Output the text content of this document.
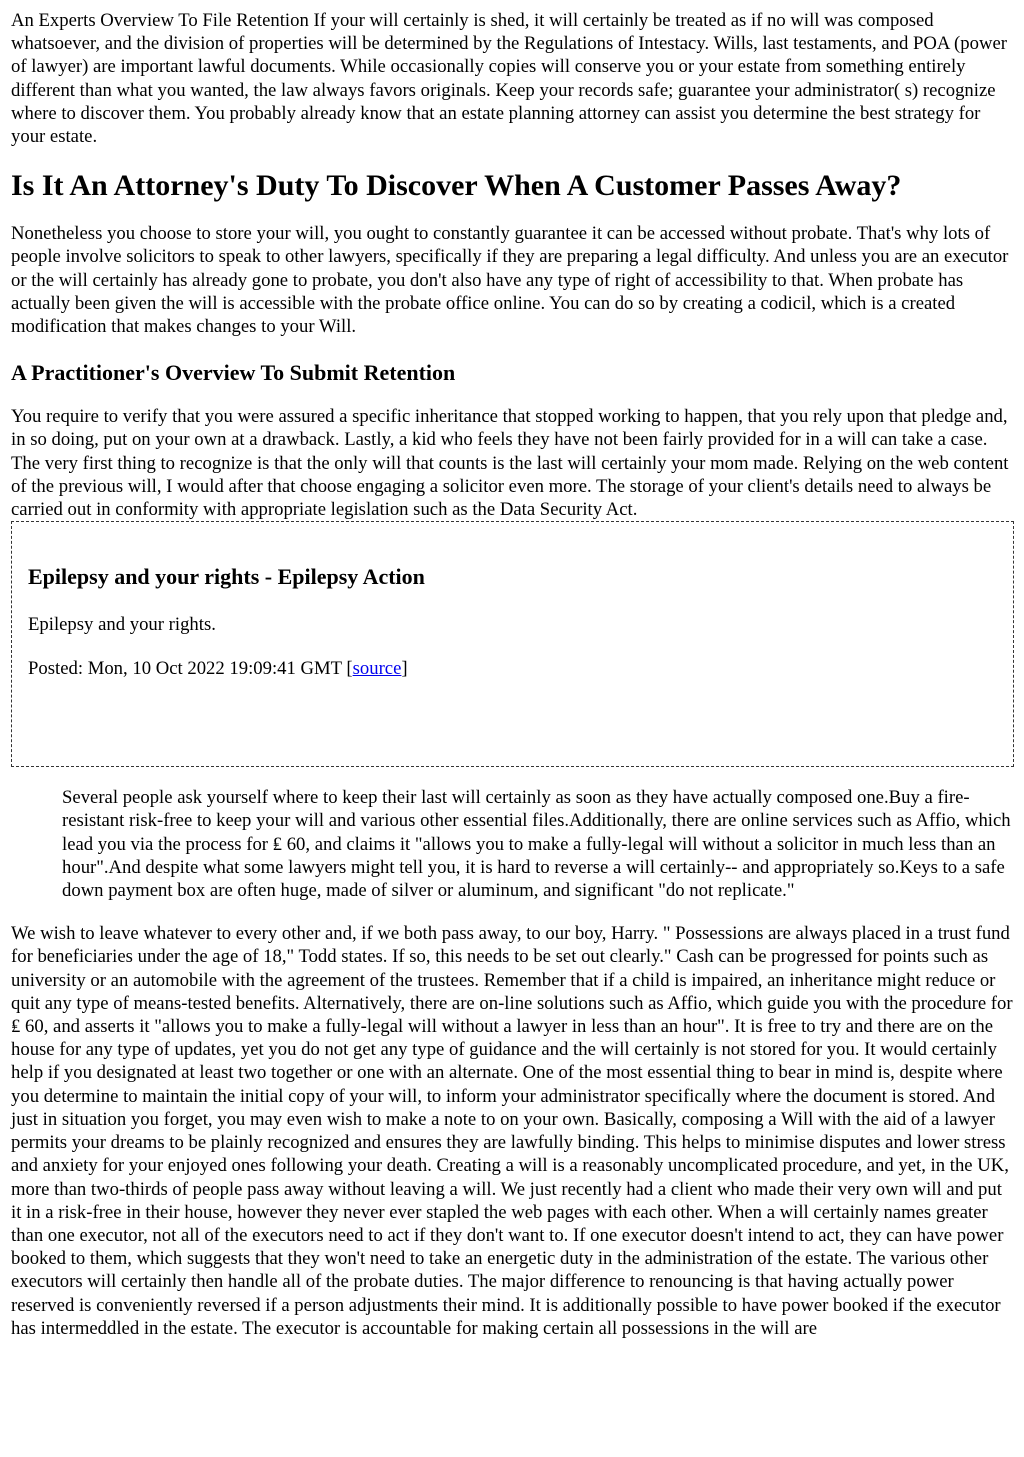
An Experts Overview To File Retention If your will certainly is shed, it will certainly be treated as if no will was composed whatsoever, and the division of properties will be determined by the Regulations of Intestacy. Wills, last testaments, and POA (power of lawyer) are important lawful documents. While occasionally copies will conserve you or your estate from something entirely different than what you wanted, the law always favors originals. Keep your records safe; guarantee your administrator( s) recognize where to discover them. You probably already know that an estate planning attorney can assist you determine the best strategy for your estate.

Is It An Attorney's Duty To Discover When A Customer Passes Away?

Nonetheless you choose to store your will, you ought to constantly guarantee it can be accessed without probate. That's why lots of people involve solicitors to speak to other lawyers, specifically if they are preparing a legal difficulty. And unless you are an executor or the will certainly has already gone to probate, you don't also have any type of right of accessibility to that. When probate has actually been given the will is accessible with the probate office online. You can do so by creating a codicil, which is a created modification that makes changes to your Will.

A Practitioner's Overview To Submit Retention

You require to verify that you were assured a specific inheritance that stopped working to happen, that you rely upon that pledge and, in so doing, put on your own at a drawback. Lastly, a kid who feels they have not been fairly provided for in a will can take a case. The very first thing to recognize is that the only will that counts is the last will certainly your mom made. Relying on the web content of the previous will, I would after that choose engaging a solicitor even more. The storage of your client's details need to always be carried out in conformity with appropriate legislation such as the Data Security Act.

Epilepsy and your rights - Epilepsy Action

Epilepsy and your rights.

Posted: Mon, 10 Oct 2022 19:09:41 GMT [source]

Several people ask yourself where to keep their last will certainly as soon as they have actually composed one.Buy a fire-resistant risk-free to keep your will and various other essential files.Additionally, there are online services such as Affio, which lead you via the process for ₤ 60, and claims it "allows you to make a fully-legal will without a solicitor in much less than an hour".And despite what some lawyers might tell you, it is hard to reverse a will certainly-- and appropriately so.Keys to a safe down payment box are often huge, made of silver or aluminum, and significant "do not replicate."

We wish to leave whatever to every other and, if we both pass away, to our boy, Harry. " Possessions are always placed in a trust fund for beneficiaries under the age of 18," Todd states. If so, this needs to be set out clearly." Cash can be progressed for points such as university or an automobile with the agreement of the trustees. Remember that if a child is impaired, an inheritance might reduce or quit any type of means-tested benefits. Alternatively, there are on-line solutions such as Affio, which guide you with the procedure for ₤ 60, and asserts it "allows you to make a fully-legal will without a lawyer in less than an hour". It is free to try and there are on the house for any type of updates, yet you do not get any type of guidance and the will certainly is not stored for you. It would certainly help if you designated at least two together or one with an alternate. One of the most essential thing to bear in mind is, despite where you determine to maintain the initial copy of your will, to inform your administrator specifically where the document is stored. And just in situation you forget, you may even wish to make a note to on your own. Basically, composing a Will with the aid of a lawyer permits your dreams to be plainly recognized and ensures they are lawfully binding. This helps to minimise disputes and lower stress and anxiety for your enjoyed ones following your death. Creating a will is a reasonably uncomplicated procedure, and yet, in the UK, more than two-thirds of people pass away without leaving a will. We just recently had a client who made their very own will and put it in a risk-free in their house, however they never ever stapled the web pages with each other. When a will certainly names greater than one executor, not all of the executors need to act if they don't want to. If one executor doesn't intend to act, they can have power booked to them, which suggests that they won't need to take an energetic duty in the administration of the estate. The various other executors will certainly then handle all of the probate duties. The major difference to renouncing is that having actually power reserved is conveniently reversed if a person adjustments their mind. It is additionally possible to have power booked if the executor has intermeddled in the estate. The executor is accountable for making certain all possessions in the will are
